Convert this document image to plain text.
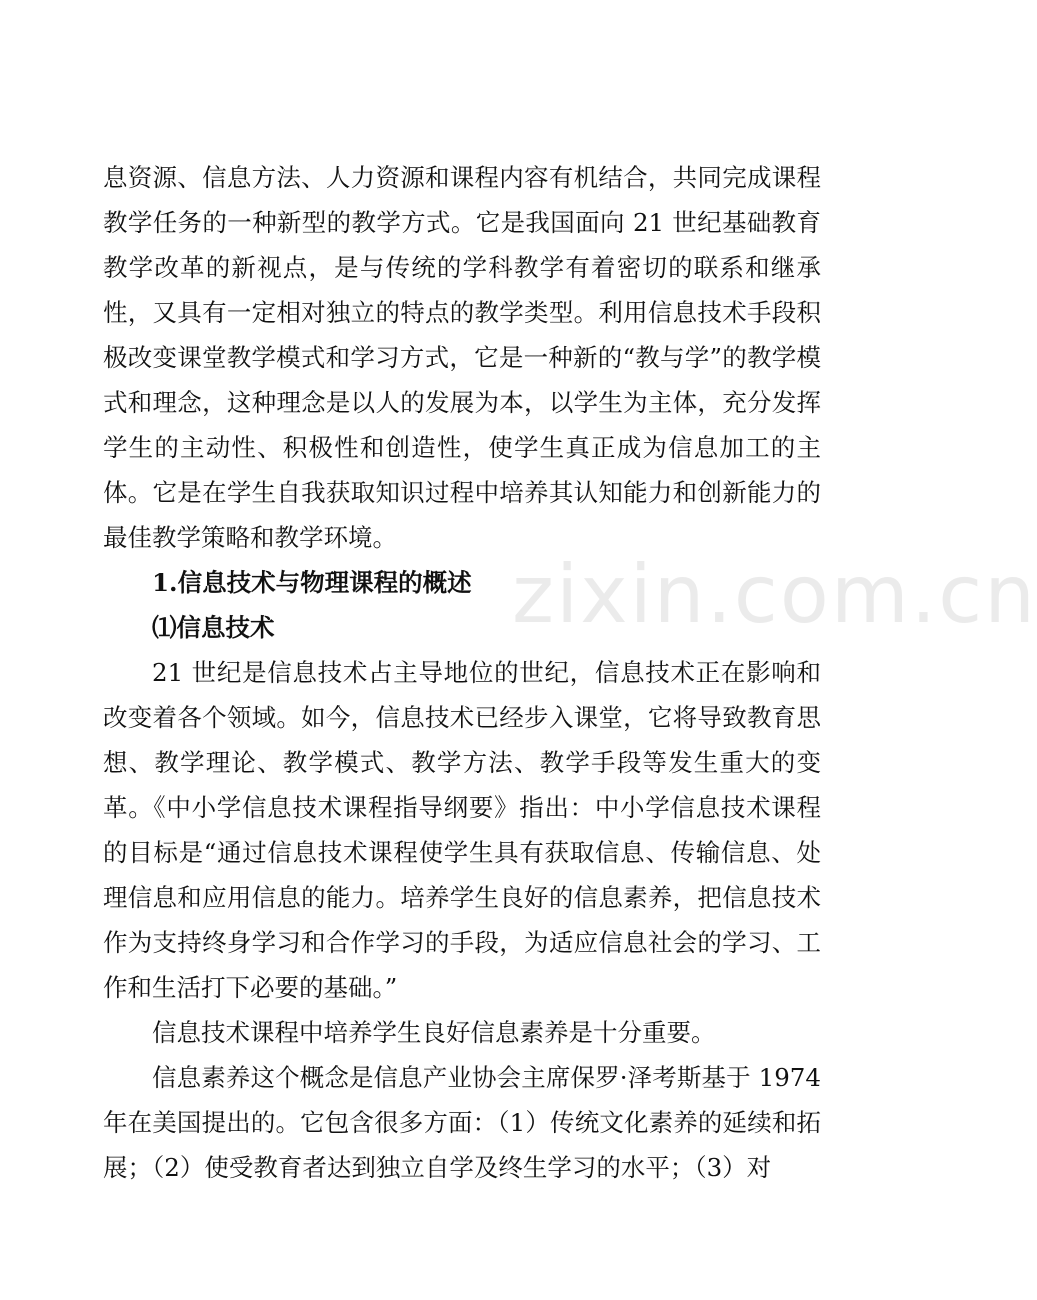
zixin.com.cn

息资源、信息方法、人力资源和课程内容有机结合，共同完成课程教学任务的一种新型的教学方式。它是我国面向 21 世纪基础教育教学改革的新视点，是与传统的学科教学有着密切的联系和继承性，又具有一定相对独立的特点的教学类型。利用信息技术手段积极改变课堂教学模式和学习方式，它是一种新的“教与学”的教学模式和理念，这种理念是以人的发展为本，以学生为主体，充分发挥学生的主动性、积极性和创造性，使学生真正成为信息加工的主体。它是在学生自我获取知识过程中培养其认知能力和创新能力的最佳教学策略和教学环境。

1.信息技术与物理课程的概述

⑴信息技术

21 世纪是信息技术占主导地位的世纪，信息技术正在影响和改变着各个领域。如今，信息技术已经步入课堂，它将导致教育思想、教学理论、教学模式、教学方法、教学手段等发生重大的变革。《中小学信息技术课程指导纲要》指出：中小学信息技术课程的目标是“通过信息技术课程使学生具有获取信息、传输信息、处理信息和应用信息的能力。培养学生良好的信息素养，把信息技术作为支持终身学习和合作学习的手段，为适应信息社会的学习、工作和生活打下必要的基础。”

信息技术课程中培养学生良好信息素养是十分重要。

信息素养这个概念是信息产业协会主席保罗·泽考斯基于 1974 年在美国提出的。它包含很多方面：（1）传统文化素养的延续和拓展；（2）使受教育者达到独立自学及终生学习的水平；（3）对
